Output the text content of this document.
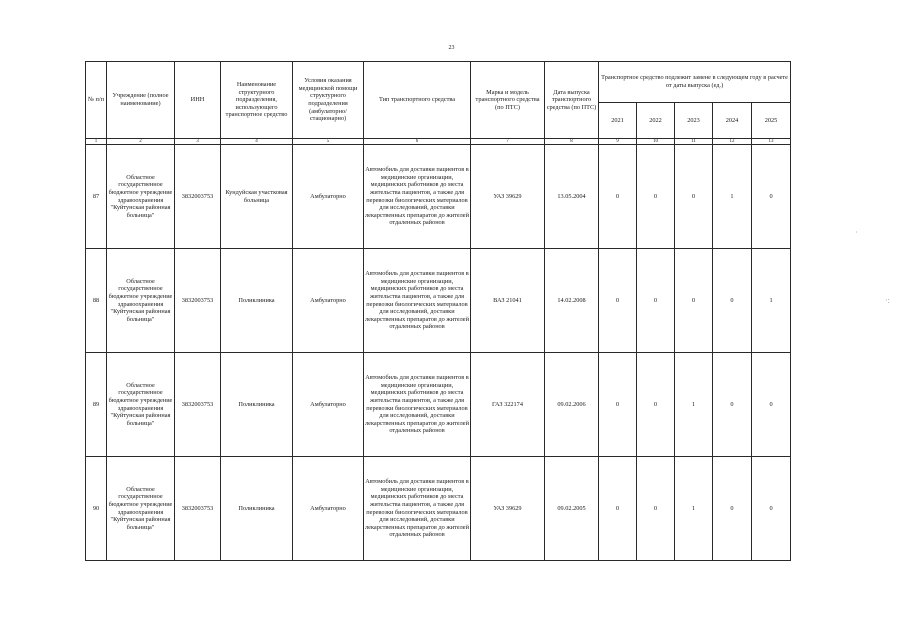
23
·
·:
№ п/п	Учреждение (полное наименование)	ИНН	Наименование структурного подразделения, использующего транспортное средство	Условия оказания медицинской помощи структурного подразделения (амбулаторно/стационарно)	Тип транспортного средства	Марка и модель транспортного средства (по ПТС)	Дата выпуска транспортного средства (по ПТС)	Транспортное средство подлежит замене в следующем году в расчете от даты выпуска (ед.)				
								2021	2022	2023	2024	2025
1	2	3	4	5	6	7	8	9	10	11	12	13
87	Областное государственное бюджетное учреждение здравоохранения "Куйтунская районная больница"	3832003753	Кундуйская участковая больница	Амбулаторно	Автомобиль для доставки пациентов в медицинские организации, медицинских работников до места жительства пациентов, а также для перевозки биологических материалов для исследований, доставки лекарственных препаратов до жителей отдаленных районов	УАЗ 39629	13.05.2004	0	0	0	1	0
88	Областное государственное бюджетное учреждение здравоохранения "Куйтунская районная больница"	3832003753	Поликлиника	Амбулаторно	Автомобиль для доставки пациентов в медицинские организации, медицинских работников до места жительства пациентов, а также для перевозки биологических материалов для исследований, доставки лекарственных препаратов до жителей отдаленных районов	ВАЗ 21041	14.02.2008	0	0	0	0	1
89	Областное государственное бюджетное учреждение здравоохранения "Куйтунская районная больница"	3832003753	Поликлиника	Амбулаторно	Автомобиль для доставки пациентов в медицинские организации, медицинских работников до места жительства пациентов, а также для перевозки биологических материалов для исследований, доставки лекарственных препаратов до жителей отдаленных районов	ГАЗ 322174	09.02.2006	0	0	1	0	0
90	Областное государственное бюджетное учреждение здравоохранения "Куйтунская районная больница"	3832003753	Поликлиника	Амбулаторно	Автомобиль для доставки пациентов в медицинские организации, медицинских работников до места жительства пациентов, а также для перевозки биологических материалов для исследований, доставки лекарственных препаратов до жителей отдаленных районов	УАЗ 39629	09.02.2005	0	0	1	0	0
